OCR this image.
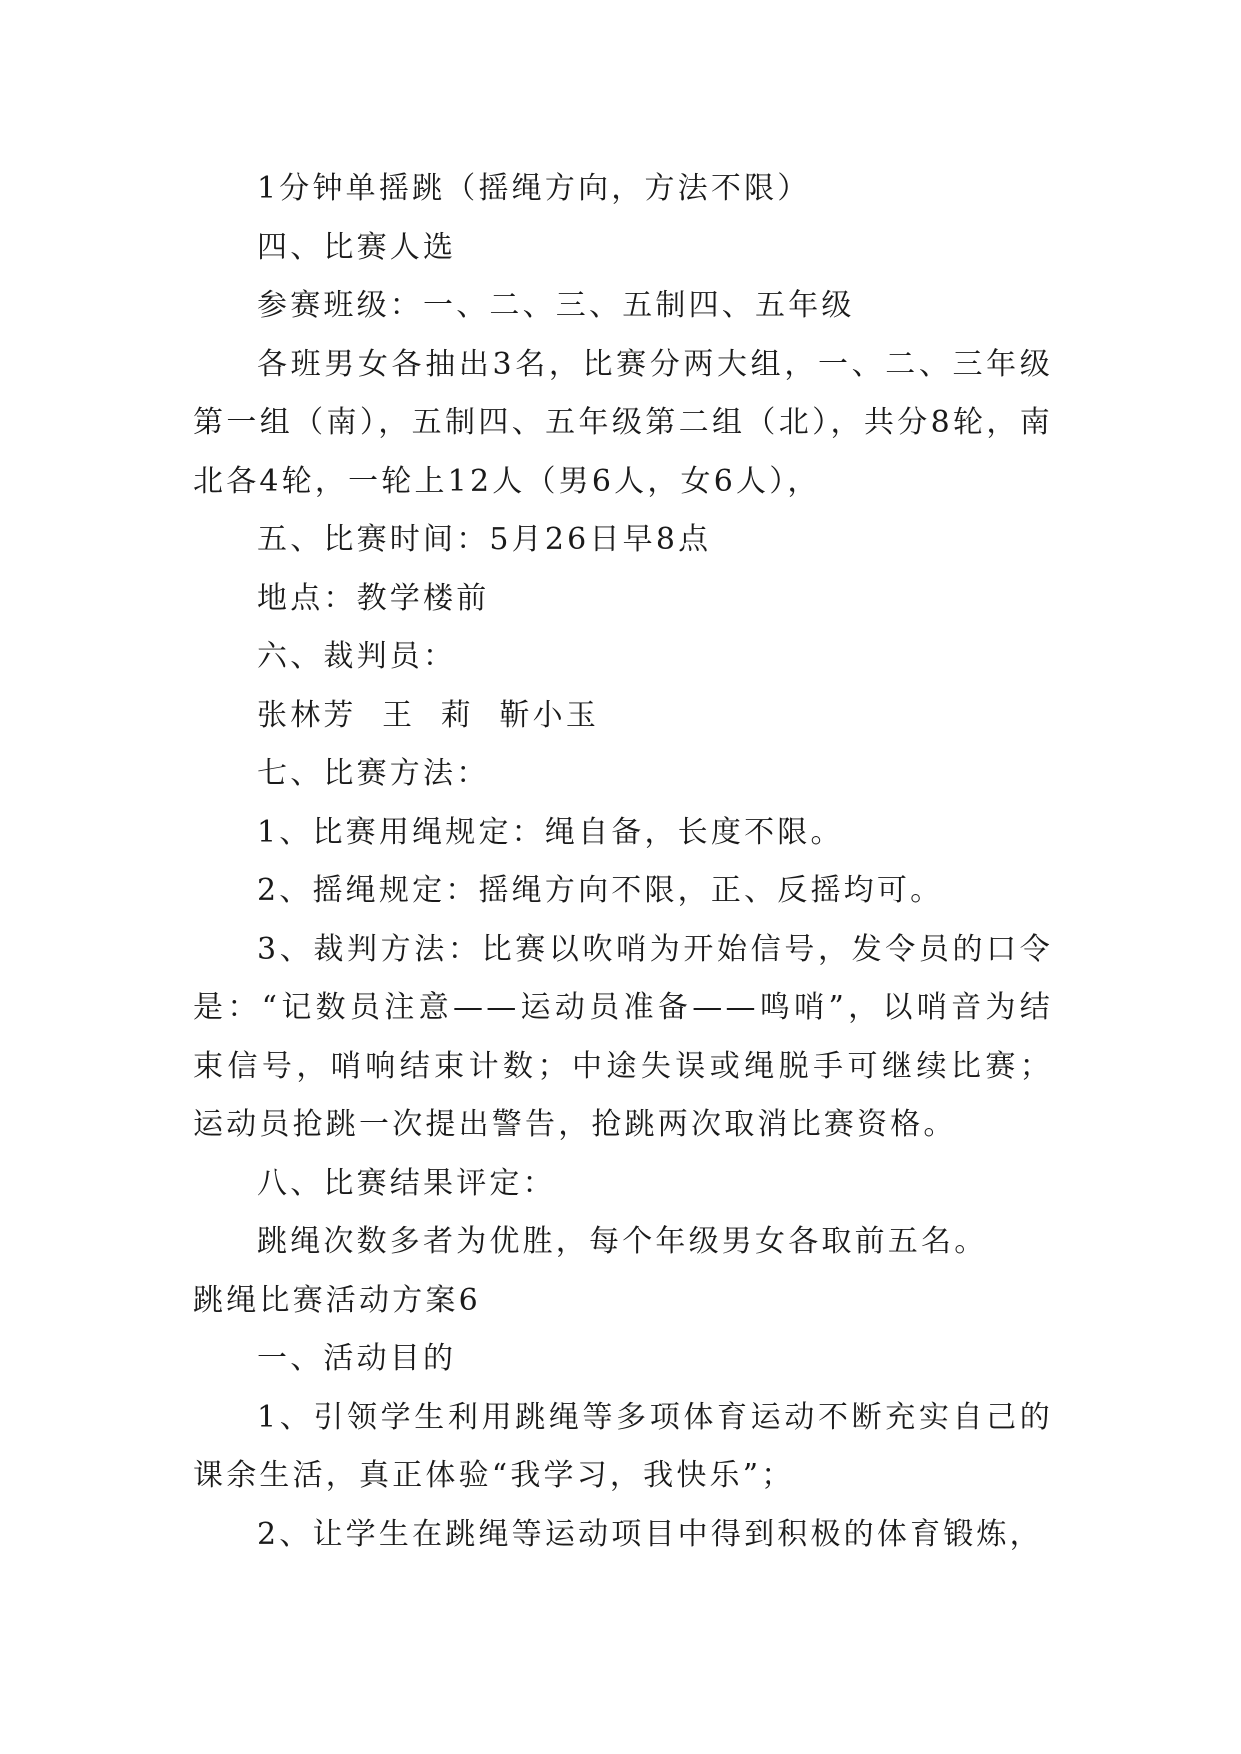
1分钟单摇跳（摇绳方向，方法不限）

四、比赛人选

参赛班级：一、二、三、五制四、五年级

各班男女各抽出3名，比赛分两大组，一、二、三年级第一组（南），五制四、五年级第二组（北），共分8轮，南北各4轮，一轮上12人（男6人，女6人），

五、比赛时间：5月26日早8点

地点：教学楼前

六、裁判员：

张林芳  王  莉  靳小玉

七、比赛方法：

1、比赛用绳规定：绳自备，长度不限。

2、摇绳规定：摇绳方向不限，正、反摇均可。

3、裁判方法：比赛以吹哨为开始信号，发令员的口令是：“记数员注意——运动员准备——鸣哨”，以哨音为结束信号，哨响结束计数；中途失误或绳脱手可继续比赛；运动员抢跳一次提出警告，抢跳两次取消比赛资格。

八、比赛结果评定：

跳绳次数多者为优胜，每个年级男女各取前五名。

跳绳比赛活动方案6

一、活动目的

1、引领学生利用跳绳等多项体育运动不断充实自己的课余生活，真正体验“我学习，我快乐”；

2、让学生在跳绳等运动项目中得到积极的体育锻炼，
